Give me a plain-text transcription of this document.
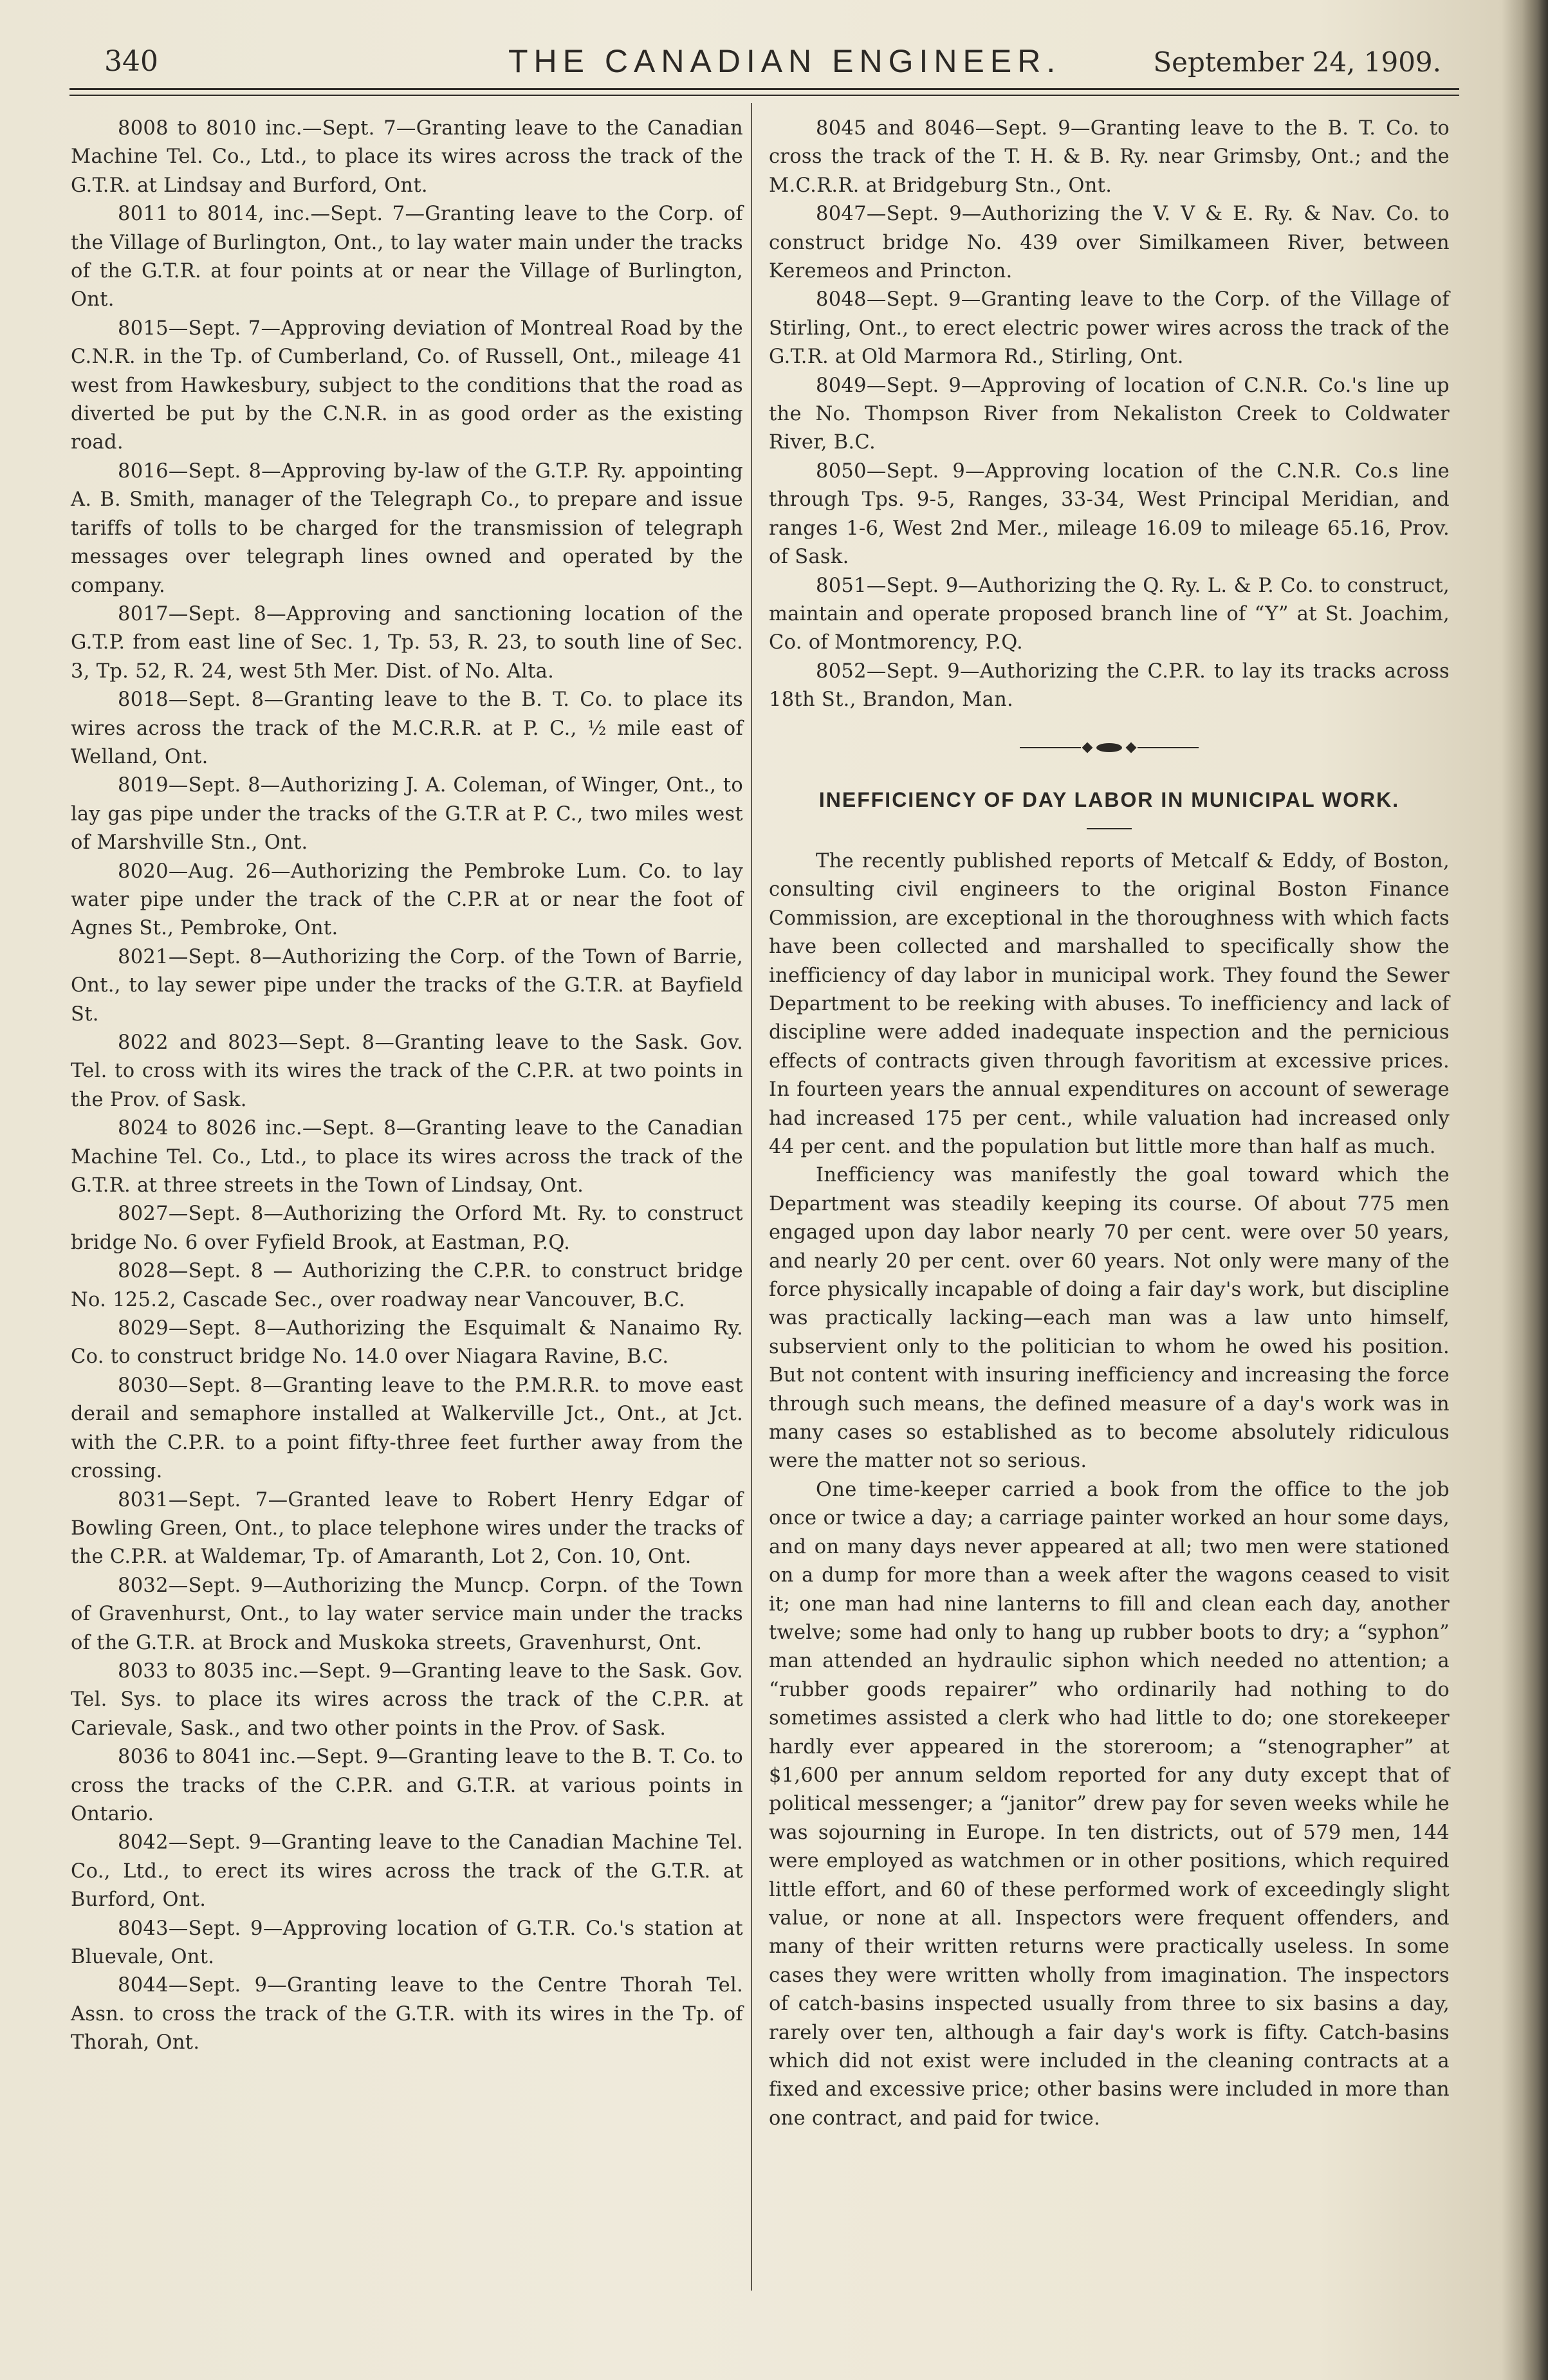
340	THE CANADIAN ENGINEER.	September 24, 1909.

8008 to 8010 inc.—Sept. 7—Granting leave to the Canadian Machine Tel. Co., Ltd., to place its wires across the track of the G.T.R. at Lindsay and Burford, Ont.

8011 to 8014, inc.—Sept. 7—Granting leave to the Corp. of the Village of Burlington, Ont., to lay water main under the tracks of the G.T.R. at four points at or near the Village of Burlington, Ont.

8015—Sept. 7—Approving deviation of Montreal Road by the C.N.R. in the Tp. of Cumberland, Co. of Russell, Ont., mileage 41 west from Hawkesbury, subject to the conditions that the road as diverted be put by the C.N.R. in as good order as the existing road.

8016—Sept. 8—Approving by-law of the G.T.P. Ry. appointing A. B. Smith, manager of the Telegraph Co., to prepare and issue tariffs of tolls to be charged for the transmission of telegraph messages over telegraph lines owned and operated by the company.

8017—Sept. 8—Approving and sanctioning location of the G.T.P. from east line of Sec. 1, Tp. 53, R. 23, to south line of Sec. 3, Tp. 52, R. 24, west 5th Mer. Dist. of No. Alta.

8018—Sept. 8—Granting leave to the B. T. Co. to place its wires across the track of the M.C.R.R. at P. C., ½ mile east of Welland, Ont.

8019—Sept. 8—Authorizing J. A. Coleman, of Winger, Ont., to lay gas pipe under the tracks of the G.T.R at P. C., two miles west of Marshville Stn., Ont.

8020—Aug. 26—Authorizing the Pembroke Lum. Co. to lay water pipe under the track of the C.P.R at or near the foot of Agnes St., Pembroke, Ont.

8021—Sept. 8—Authorizing the Corp. of the Town of Barrie, Ont., to lay sewer pipe under the tracks of the G.T.R. at Bayfield St.

8022 and 8023—Sept. 8—Granting leave to the Sask. Gov. Tel. to cross with its wires the track of the C.P.R. at two points in the Prov. of Sask.

8024 to 8026 inc.—Sept. 8—Granting leave to the Canadian Machine Tel. Co., Ltd., to place its wires across the track of the G.T.R. at three streets in the Town of Lindsay, Ont.

8027—Sept. 8—Authorizing the Orford Mt. Ry. to construct bridge No. 6 over Fyfield Brook, at Eastman, P.Q.

8028—Sept. 8 — Authorizing the C.P.R. to construct bridge No. 125.2, Cascade Sec., over roadway near Vancouver, B.C.

8029—Sept. 8—Authorizing the Esquimalt & Nanaimo Ry. Co. to construct bridge No. 14.0 over Niagara Ravine, B.C.

8030—Sept. 8—Granting leave to the P.M.R.R. to move east derail and semaphore installed at Walkerville Jct., Ont., at Jct. with the C.P.R. to a point fifty-three feet further away from the crossing.

8031—Sept. 7—Granted leave to Robert Henry Edgar of Bowling Green, Ont., to place telephone wires under the tracks of the C.P.R. at Waldemar, Tp. of Amaranth, Lot 2, Con. 10, Ont.

8032—Sept. 9—Authorizing the Muncp. Corpn. of the Town of Gravenhurst, Ont., to lay water service main under the tracks of the G.T.R. at Brock and Muskoka streets, Gravenhurst, Ont.

8033 to 8035 inc.—Sept. 9—Granting leave to the Sask. Gov. Tel. Sys. to place its wires across the track of the C.P.R. at Carievale, Sask., and two other points in the Prov. of Sask.

8036 to 8041 inc.—Sept. 9—Granting leave to the B. T. Co. to cross the tracks of the C.P.R. and G.T.R. at various points in Ontario.

8042—Sept. 9—Granting leave to the Canadian Machine Tel. Co., Ltd., to erect its wires across the track of the G.T.R. at Burford, Ont.

8043—Sept. 9—Approving location of G.T.R. Co.'s station at Bluevale, Ont.

8044—Sept. 9—Granting leave to the Centre Thorah Tel. Assn. to cross the track of the G.T.R. with its wires in the Tp. of Thorah, Ont.

8045 and 8046—Sept. 9—Granting leave to the B. T. Co. to cross the track of the T. H. & B. Ry. near Grimsby, Ont.; and the M.C.R.R. at Bridgeburg Stn., Ont.

8047—Sept. 9—Authorizing the V. V & E. Ry. & Nav. Co. to construct bridge No. 439 over Similkameen River, between Keremeos and Princton.

8048—Sept. 9—Granting leave to the Corp. of the Village of Stirling, Ont., to erect electric power wires across the track of the G.T.R. at Old Marmora Rd., Stirling, Ont.

8049—Sept. 9—Approving of location of C.N.R. Co.'s line up the No. Thompson River from Nekaliston Creek to Coldwater River, B.C.

8050—Sept. 9—Approving location of the C.N.R. Co.s line through Tps. 9-5, Ranges, 33-34, West Principal Meridian, and ranges 1-6, West 2nd Mer., mileage 16.09 to mileage 65.16, Prov. of Sask.

8051—Sept. 9—Authorizing the Q. Ry. L. & P. Co. to construct, maintain and operate proposed branch line of “Y” at St. Joachim, Co. of Montmorency, P.Q.

8052—Sept. 9—Authorizing the C.P.R. to lay its tracks across 18th St., Brandon, Man.

INEFFICIENCY OF DAY LABOR IN MUNICIPAL WORK.

The recently published reports of Metcalf & Eddy, of Boston, consulting civil engineers to the original Boston Finance Commission, are exceptional in the thoroughness with which facts have been collected and marshalled to specifically show the inefficiency of day labor in municipal work. They found the Sewer Department to be reeking with abuses. To inefficiency and lack of discipline were added inadequate inspection and the pernicious effects of contracts given through favoritism at excessive prices. In fourteen years the annual expenditures on account of sewerage had increased 175 per cent., while valuation had increased only 44 per cent. and the population but little more than half as much.

Inefficiency was manifestly the goal toward which the Department was steadily keeping its course. Of about 775 men engaged upon day labor nearly 70 per cent. were over 50 years, and nearly 20 per cent. over 60 years. Not only were many of the force physically incapable of doing a fair day's work, but discipline was practically lacking—each man was a law unto himself, subservient only to the politician to whom he owed his position. But not content with insuring inefficiency and increasing the force through such means, the defined measure of a day's work was in many cases so established as to become absolutely ridiculous were the matter not so serious.

One time-keeper carried a book from the office to the job once or twice a day; a carriage painter worked an hour some days, and on many days never appeared at all; two men were stationed on a dump for more than a week after the wagons ceased to visit it; one man had nine lanterns to fill and clean each day, another twelve; some had only to hang up rubber boots to dry; a “syphon” man attended an hydraulic siphon which needed no attention; a “rubber goods repairer” who ordinarily had nothing to do sometimes assisted a clerk who had little to do; one storekeeper hardly ever appeared in the storeroom; a “stenographer” at $1,600 per annum seldom reported for any duty except that of political messenger; a “janitor” drew pay for seven weeks while he was sojourning in Europe. In ten districts, out of 579 men, 144 were employed as watchmen or in other positions, which required little effort, and 60 of these performed work of exceedingly slight value, or none at all. Inspectors were frequent offenders, and many of their written returns were practically useless. In some cases they were written wholly from imagination. The inspectors of catch-basins inspected usually from three to six basins a day, rarely over ten, although a fair day's work is fifty. Catch-basins which did not exist were included in the cleaning contracts at a fixed and excessive price; other basins were included in more than one contract, and paid for twice.
